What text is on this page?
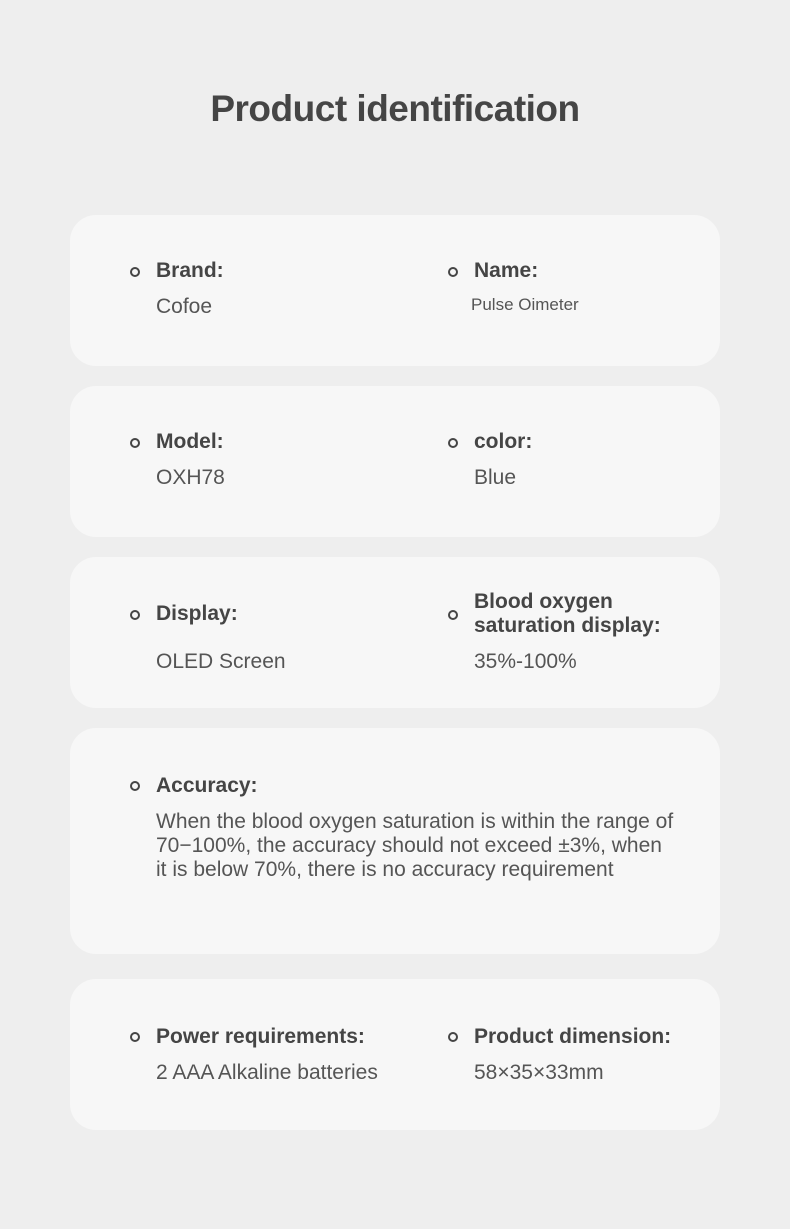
Product identification
Brand:
Cofoe
Name:
Pulse Oimeter
Model:
OXH78
color:
Blue
Display:
OLED Screen
Blood oxygen saturation display:
35%-100%
Accuracy:
When the blood oxygen saturation is within the range of 70−100%, the accuracy should not exceed ±3%, when it is below 70%, there is no accuracy requirement
Power requirements:
2 AAA Alkaline batteries
Product dimension:
58×35×33mm
